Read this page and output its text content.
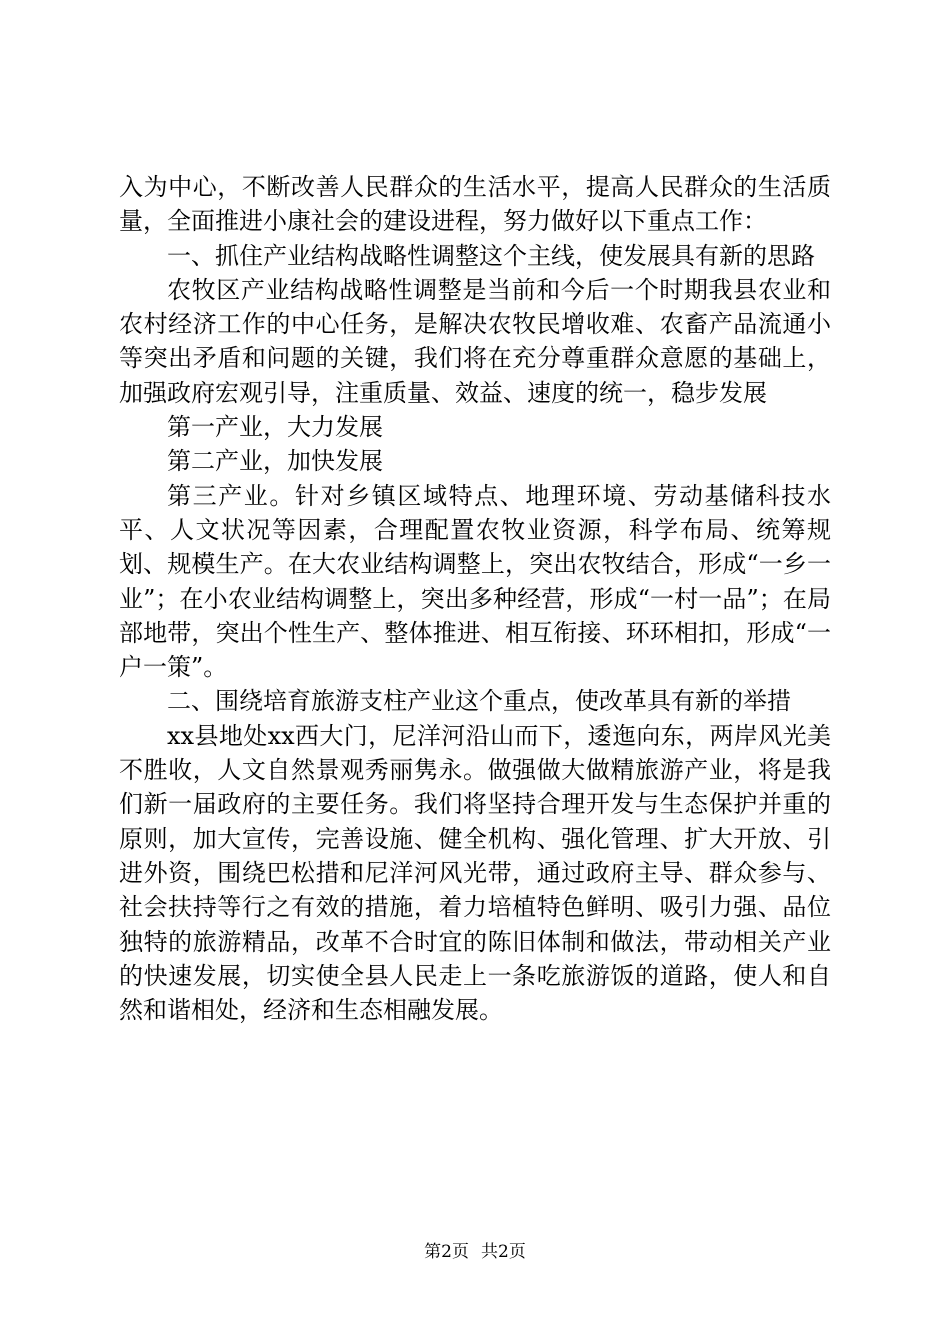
入为中心，不断改善人民群众的生活水平，提高人民群众的生活质量，全面推进小康社会的建设进程，努力做好以下重点工作：

一、抓住产业结构战略性调整这个主线，使发展具有新的思路

农牧区产业结构战略性调整是当前和今后一个时期我县农业和农村经济工作的中心任务，是解决农牧民增收难、农畜产品流通小等突出矛盾和问题的关键，我们将在充分尊重群众意愿的基础上，加强政府宏观引导，注重质量、效益、速度的统一，稳步发展

第一产业，大力发展

第二产业，加快发展

第三产业。针对乡镇区域特点、地理环境、劳动基储科技水平、人文状况等因素，合理配置农牧业资源，科学布局、统筹规划、规模生产。在大农业结构调整上，突出农牧结合，形成“一乡一业”；在小农业结构调整上，突出多种经营，形成“一村一品”；在局部地带，突出个性生产、整体推进、相互衔接、环环相扣，形成“一户一策”。

二、围绕培育旅游支柱产业这个重点，使改革具有新的举措

xx县地处xx西大门，尼洋河沿山而下，逶迤向东，两岸风光美不胜收，人文自然景观秀丽隽永。做强做大做精旅游产业，将是我们新一届政府的主要任务。我们将坚持合理开发与生态保护并重的原则，加大宣传，完善设施、健全机构、强化管理、扩大开放、引进外资，围绕巴松措和尼洋河风光带，通过政府主导、群众参与、社会扶持等行之有效的措施，着力培植特色鲜明、吸引力强、品位独特的旅游精品，改革不合时宜的陈旧体制和做法，带动相关产业的快速发展，切实使全县人民走上一条吃旅游饭的道路，使人和自然和谐相处，经济和生态相融发展。

第2页 共2页
